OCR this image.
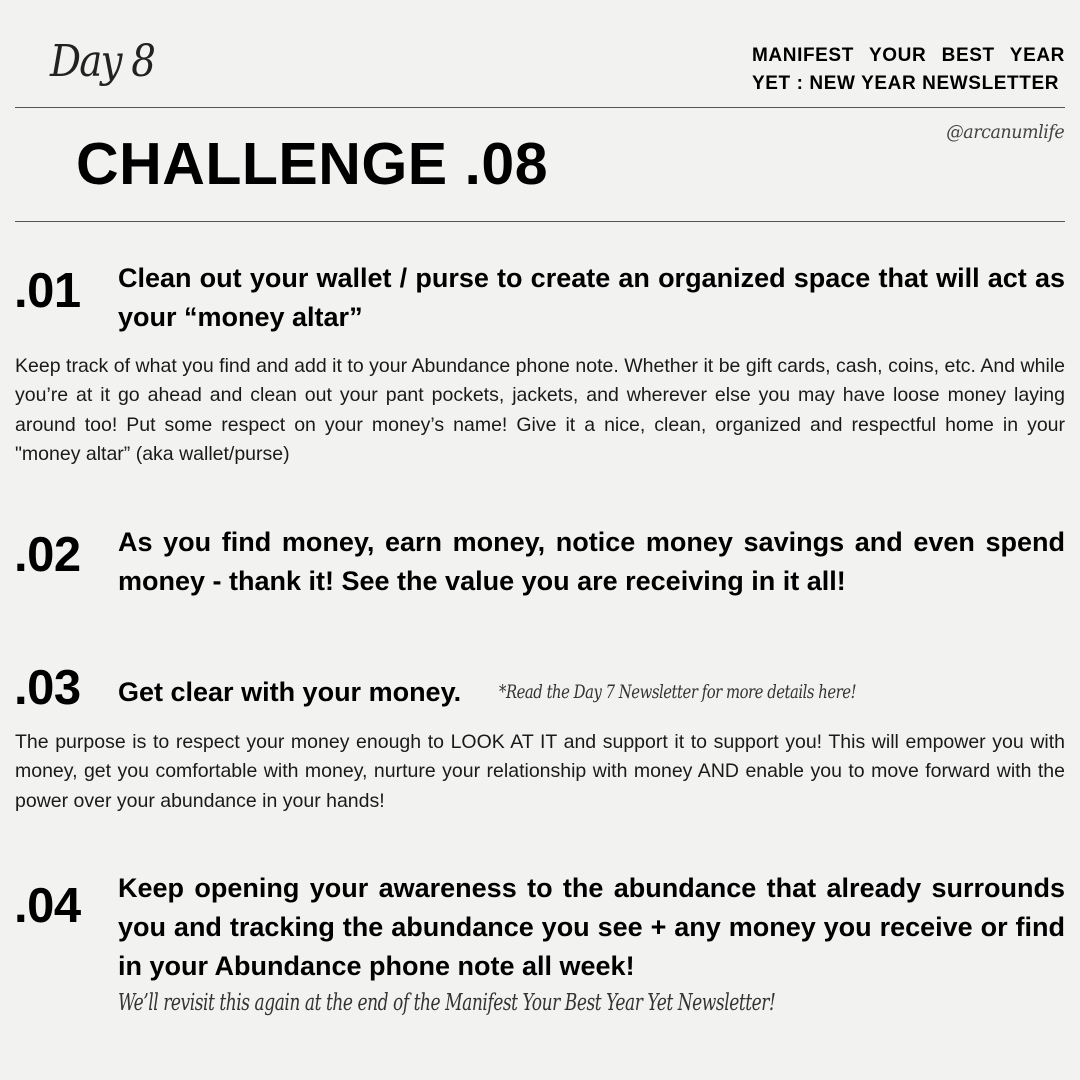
Day 8	MANIFEST YOUR BEST YEAR YET : NEW YEAR NEWSLETTER
CHALLENGE .08	@arcanumlife
.01 Clean out your wallet / purse to create an organized space that will act as your “money altar”
Keep track of what you find and add it to your Abundance phone note. Whether it be gift cards, cash, coins, etc. And while you’re at it go ahead and clean out your pant pockets, jackets, and wherever else you may have loose money laying around too! Put some respect on your money’s name! Give it a nice, clean, organized and respectful home in your "money altar” (aka wallet/purse)
.02 As you find money, earn money, notice money savings and even spend money - thank it! See the value you are receiving in it all!
.03 Get clear with your money. *Read the Day 7 Newsletter for more details here!
The purpose is to respect your money enough to LOOK AT IT and support it to support you! This will empower you with money, get you comfortable with money, nurture your relationship with money AND enable you to move forward with the power over your abundance in your hands!
.04 Keep opening your awareness to the abundance that already surrounds you and tracking the abundance you see + any money you receive or find in your Abundance phone note all week!
We’ll revisit this again at the end of the Manifest Your Best Year Yet Newsletter!
